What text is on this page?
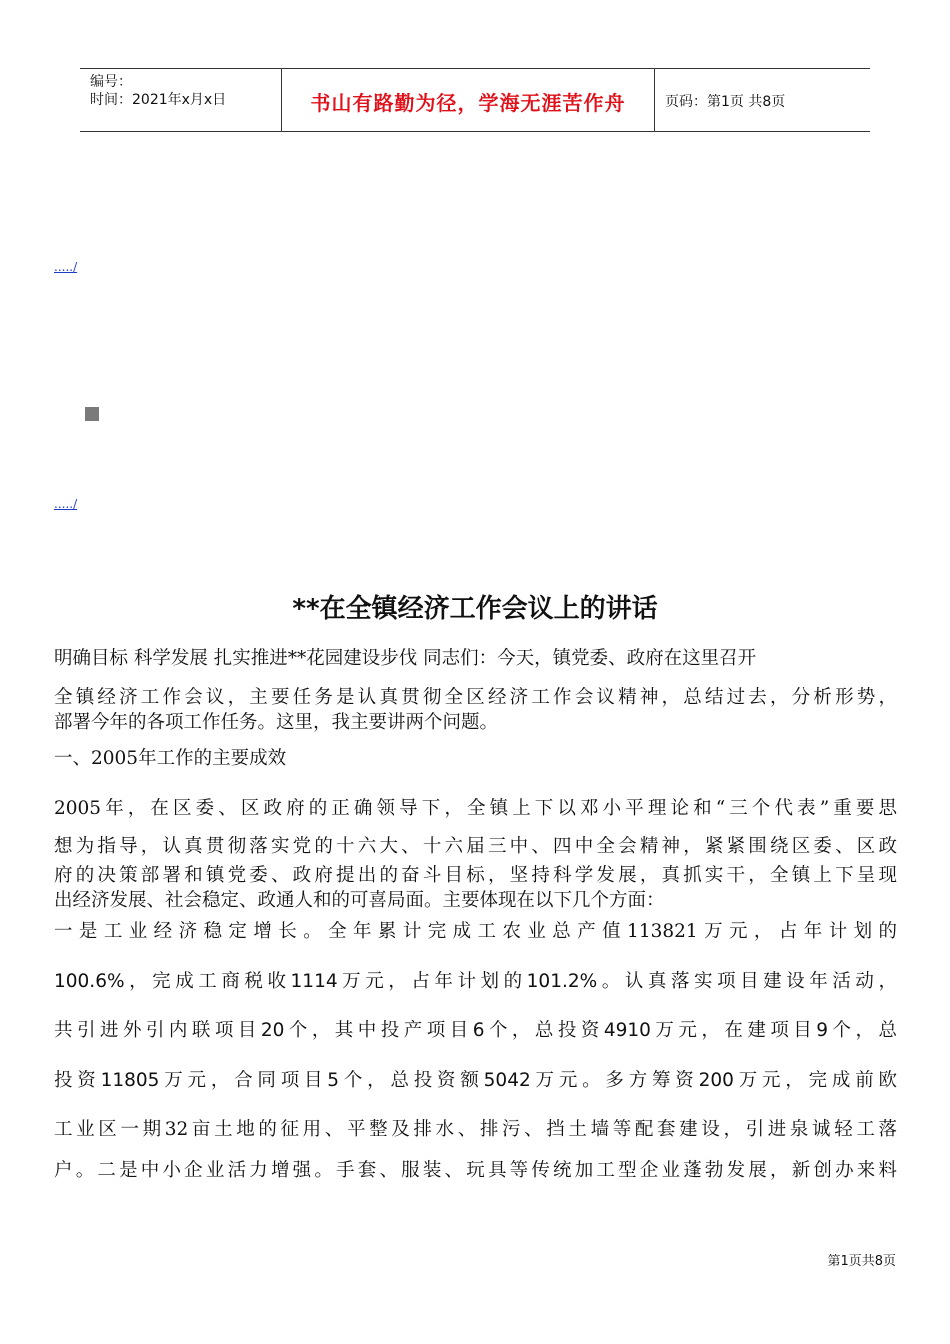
编号：
时间：2021年x月x日	书山有路勤为径，学海无涯苦作舟	页码：第1页 共8页
...../
...../
**在全镇经济工作会议上的讲话
明确目标 科学发展 扎实推进**花园建设步伐 同志们：今天，镇党委、政府在这里召开
全镇经济工作会议，主要任务是认真贯彻全区经济工作会议精神，总结过去，分析形势，
部署今年的各项工作任务。这里，我主要讲两个问题。
一、2005年工作的主要成效
2005年，在区委、区政府的正确领导下，全镇上下以邓小平理论和“三个代表”重要思
想为指导，认真贯彻落实党的十六大、十六届三中、四中全会精神，紧紧围绕区委、区政
府的决策部署和镇党委、政府提出的奋斗目标，坚持科学发展，真抓实干，全镇上下呈现
出经济发展、社会稳定、政通人和的可喜局面。主要体现在以下几个方面：
一是工业经济稳定增长。全年累计完成工农业总产值113821万元，占年计划的
100.6%，完成工商税收1114万元，占年计划的101.2%。认真落实项目建设年活动，
共引进外引内联项目20个，其中投产项目6个，总投资4910万元，在建项目9个，总
投资11805万元，合同项目5个，总投资额5042万元。多方筹资200万元，完成前欧
工业区一期32亩土地的征用、平整及排水、排污、挡土墙等配套建设，引进泉诚轻工落
户。二是中小企业活力增强。手套、服装、玩具等传统加工型企业蓬勃发展，新创办来料
第1页共8页
